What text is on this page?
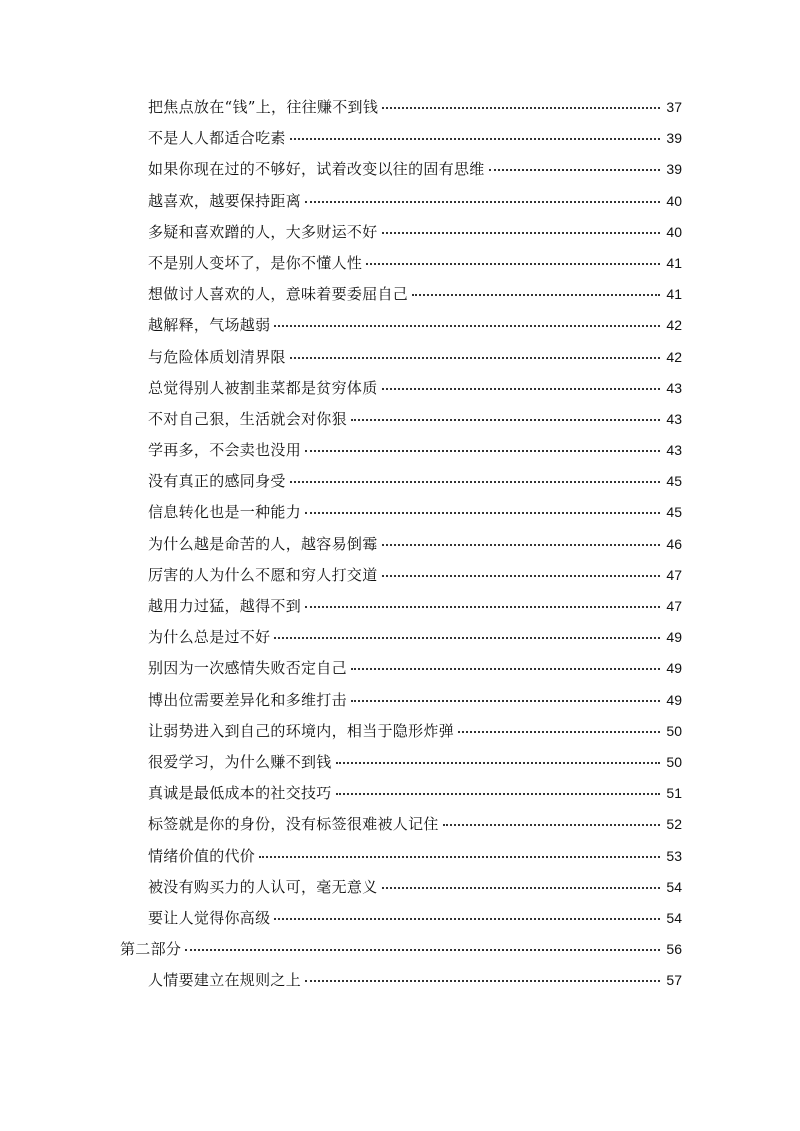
把焦点放在“钱”上，往往赚不到钱	37
不是人人都适合吃素	39
如果你现在过的不够好，试着改变以往的固有思维	39
越喜欢，越要保持距离	40
多疑和喜欢蹭的人，大多财运不好	40
不是别人变坏了，是你不懂人性	41
想做讨人喜欢的人，意味着要委屈自己	41
越解释，气场越弱	42
与危险体质划清界限	42
总觉得别人被割韭菜都是贫穷体质	43
不对自己狠，生活就会对你狠	43
学再多，不会卖也没用	43
没有真正的感同身受	45
信息转化也是一种能力	45
为什么越是命苦的人，越容易倒霉	46
厉害的人为什么不愿和穷人打交道	47
越用力过猛，越得不到	47
为什么总是过不好	49
别因为一次感情失败否定自己	49
博出位需要差异化和多维打击	49
让弱势进入到自己的环境内，相当于隐形炸弹	50
很爱学习，为什么赚不到钱	50
真诚是最低成本的社交技巧	51
标签就是你的身份，没有标签很难被人记住	52
情绪价值的代价	53
被没有购买力的人认可，毫无意义	54
要让人觉得你高级	54
第二部分	56
人情要建立在规则之上	57
